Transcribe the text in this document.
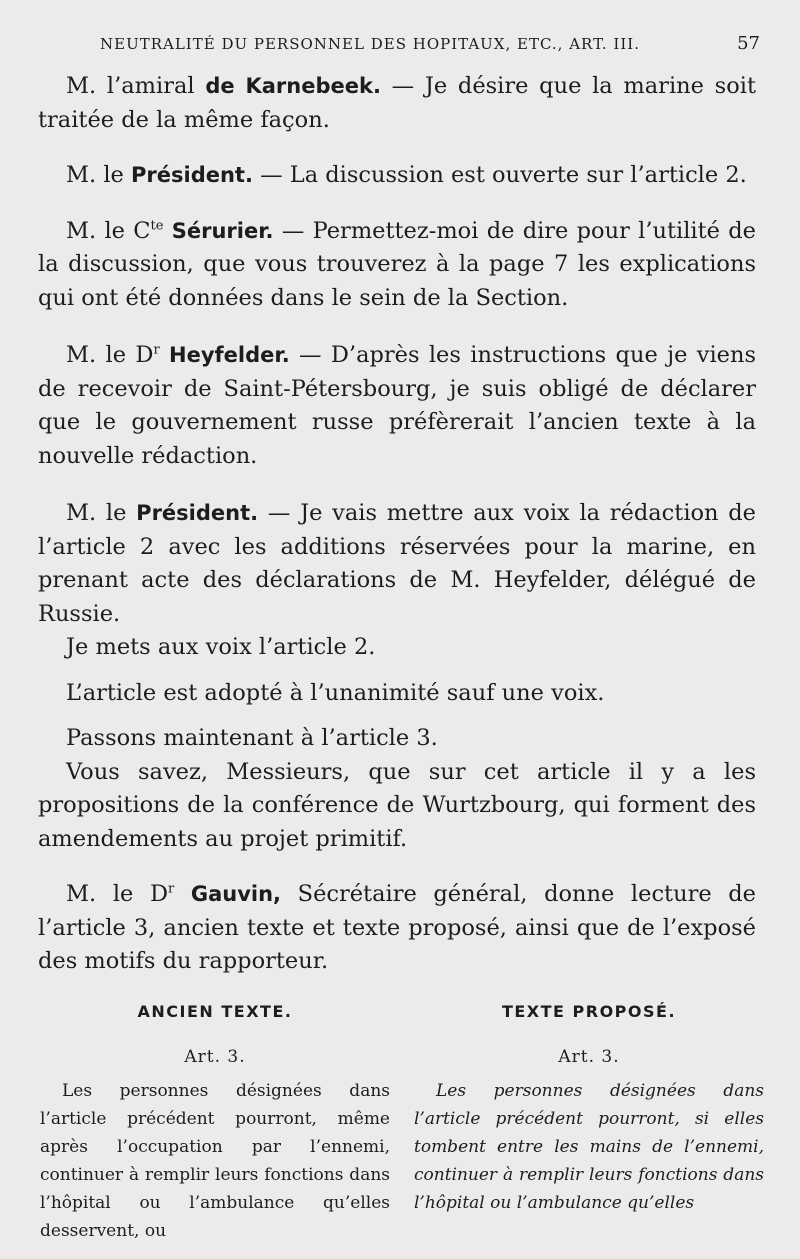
NEUTRALITÉ DU PERSONNEL DES HOPITAUX, ETC., ART. III.	57

M. l’amiral de Karnebeek. — Je désire que la marine soit traitée de la même façon.

M. le Président. — La discussion est ouverte sur l’article 2.

M. le $C^{te}$ Sérurier. — Permettez-moi de dire pour l’utilité de la discussion, que vous trouverez à la page 7 les explications qui ont été données dans le sein de la Section.

M. le $D^r$ Heyfelder. — D’après les instructions que je viens de recevoir de Saint-Pétersbourg, je suis obligé de déclarer que le gouvernement russe préfèrerait l’ancien texte à la nouvelle rédaction.

M. le Président. — Je vais mettre aux voix la rédaction de l’article 2 avec les additions réservées pour la marine, en prenant acte des déclarations de M. Heyfelder, délégué de Russie.

Je mets aux voix l’article 2.

L’article est adopté à l’unanimité sauf une voix.

Passons maintenant à l’article 3.

Vous savez, Messieurs, que sur cet article il y a les propositions de la conférence de Wurtzbourg, qui forment des amendements au projet primitif.

M. le $D^r$ Gauvin, Sécrétaire général, donne lecture de l’article 3, ancien texte et texte proposé, ainsi que de l’exposé des motifs du rapporteur.

ANCIEN TEXTE.

Art. 3.

Les personnes désignées dans l’article précédent pourront, même après l’occupation par l’ennemi, continuer à remplir leurs fonctions dans l’hôpital ou l’ambulance qu’elles desservent, ou

TEXTE PROPOSÉ.

Art. 3.

Les personnes désignées dans l’article précédent pourront, si elles tombent entre les mains de l’ennemi, continuer à remplir leurs fonctions dans l’hôpital ou l’ambulance qu’elles
